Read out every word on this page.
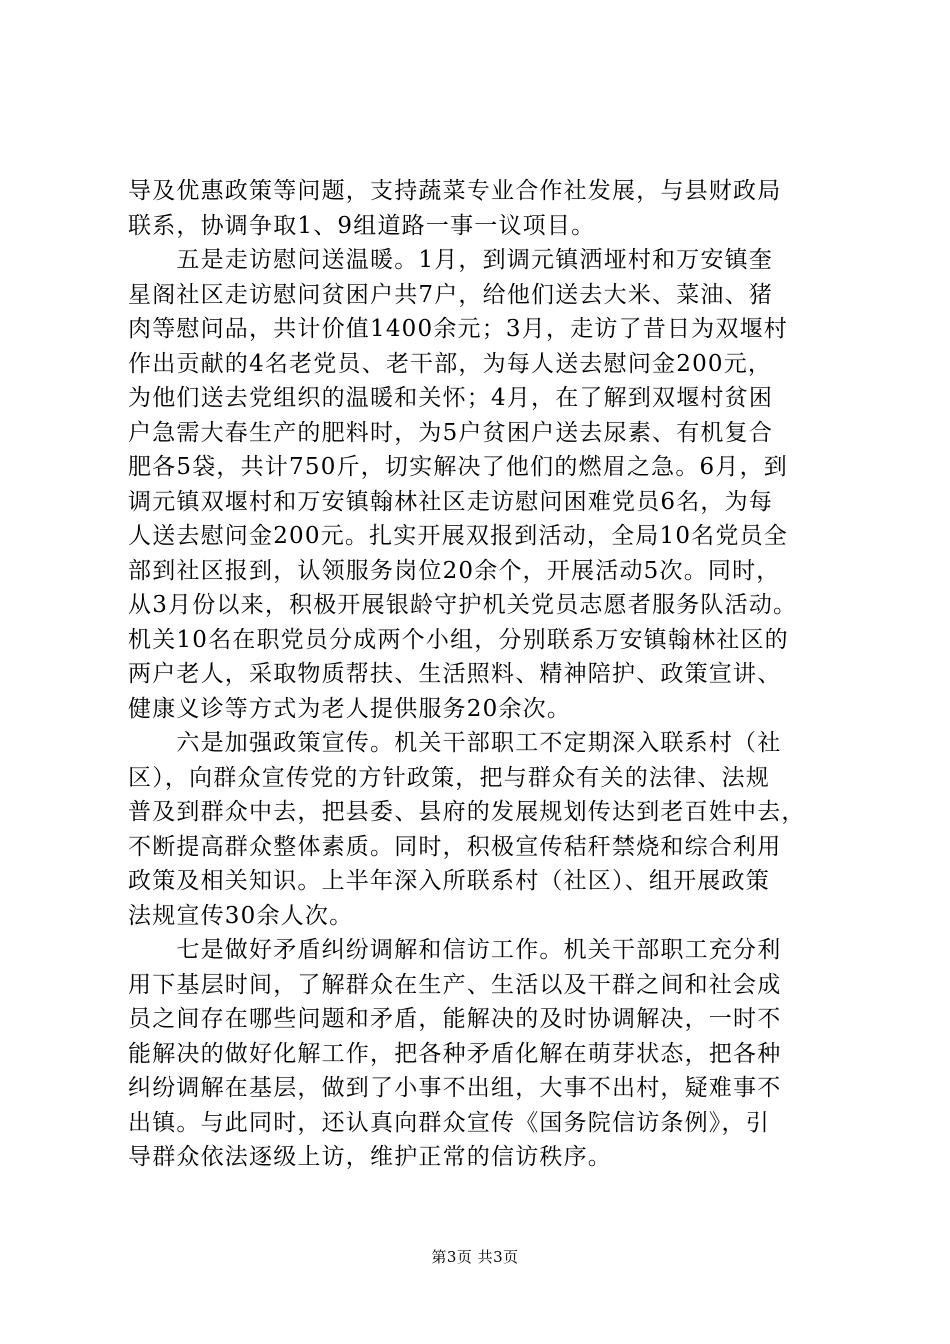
导及优惠政策等问题，支持蔬菜专业合作社发展，与县财政局
联系，协调争取1、9组道路一事一议项目。
　　五是走访慰问送温暖。1月，到调元镇洒垭村和万安镇奎
星阁社区走访慰问贫困户共7户，给他们送去大米、菜油、猪
肉等慰问品，共计价值1400余元；3月，走访了昔日为双堰村
作出贡献的4名老党员、老干部，为每人送去慰问金200元，
为他们送去党组织的温暖和关怀；4月，在了解到双堰村贫困
户急需大春生产的肥料时，为5户贫困户送去尿素、有机复合
肥各5袋，共计750斤，切实解决了他们的燃眉之急。6月，到
调元镇双堰村和万安镇翰林社区走访慰问困难党员6名，为每
人送去慰问金200元。扎实开展双报到活动，全局10名党员全
部到社区报到，认领服务岗位20余个，开展活动5次。同时，
从3月份以来，积极开展银龄守护机关党员志愿者服务队活动。
机关10名在职党员分成两个小组，分别联系万安镇翰林社区的
两户老人，采取物质帮扶、生活照料、精神陪护、政策宣讲、
健康义诊等方式为老人提供服务20余次。
　　六是加强政策宣传。机关干部职工不定期深入联系村（社
区），向群众宣传党的方针政策，把与群众有关的法律、法规
普及到群众中去，把县委、县府的发展规划传达到老百姓中去，
不断提高群众整体素质。同时，积极宣传秸秆禁烧和综合利用
政策及相关知识。上半年深入所联系村（社区）、组开展政策
法规宣传30余人次。
　　七是做好矛盾纠纷调解和信访工作。机关干部职工充分利
用下基层时间，了解群众在生产、生活以及干群之间和社会成
员之间存在哪些问题和矛盾，能解决的及时协调解决，一时不
能解决的做好化解工作，把各种矛盾化解在萌芽状态，把各种
纠纷调解在基层，做到了小事不出组，大事不出村，疑难事不
出镇。与此同时，还认真向群众宣传《国务院信访条例》，引
导群众依法逐级上访，维护正常的信访秩序。
第3页 共3页
